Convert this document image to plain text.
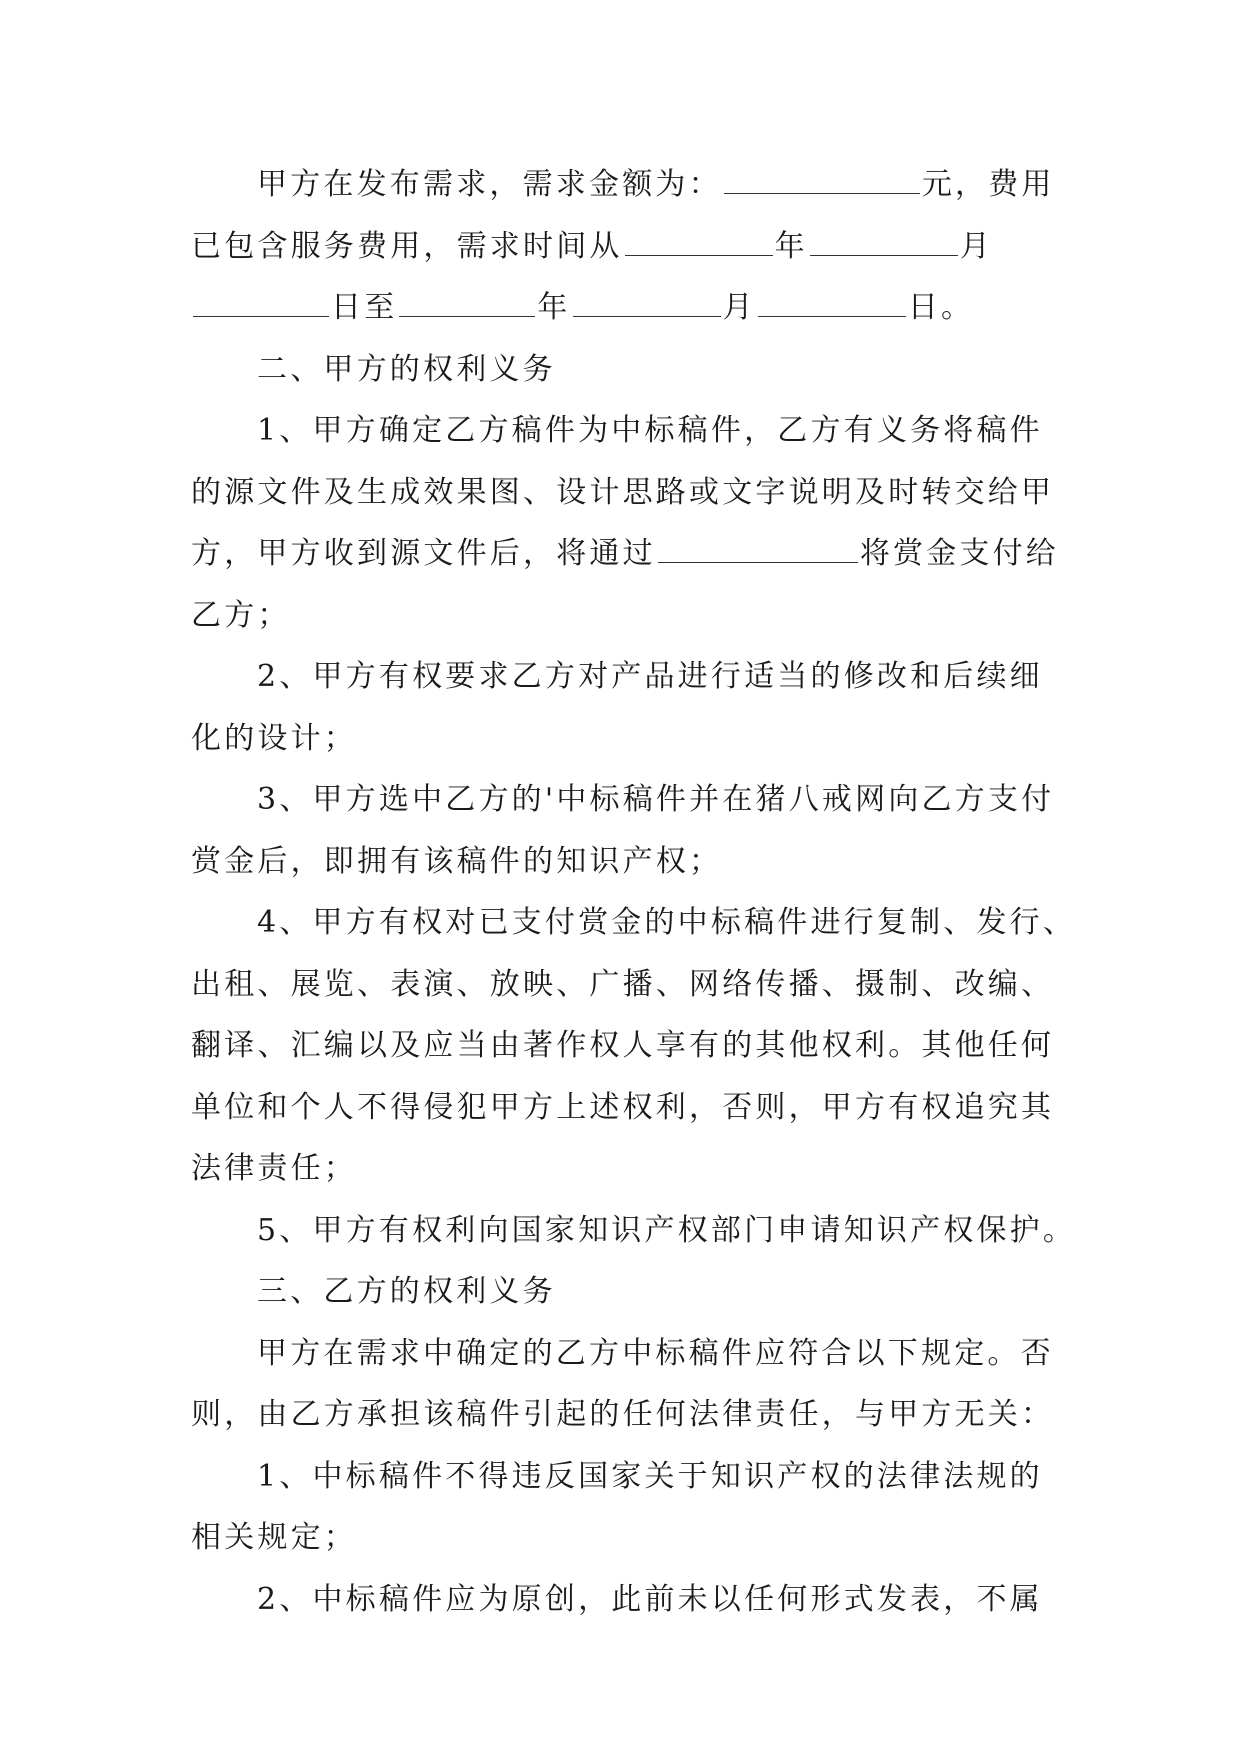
甲方在发布需求，需求金额为：	元，费用
已包含服务费用，需求时间从	年	月
日至	年	月	日。
二、甲方的权利义务
1、甲方确定乙方稿件为中标稿件，乙方有义务将稿件
的源文件及生成效果图、设计思路或文字说明及时转交给甲
方，甲方收到源文件后，将通过	将赏金支付给
乙方；
2、甲方有权要求乙方对产品进行适当的修改和后续细
化的设计；
3、甲方选中乙方的'中标稿件并在猪八戒网向乙方支付
赏金后，即拥有该稿件的知识产权；
4、甲方有权对已支付赏金的中标稿件进行复制、发行、
出租、展览、表演、放映、广播、网络传播、摄制、改编、
翻译、汇编以及应当由著作权人享有的其他权利。其他任何
单位和个人不得侵犯甲方上述权利，否则，甲方有权追究其
法律责任；
5、甲方有权利向国家知识产权部门申请知识产权保护。
三、乙方的权利义务
甲方在需求中确定的乙方中标稿件应符合以下规定。否
则，由乙方承担该稿件引起的任何法律责任，与甲方无关：
1、中标稿件不得违反国家关于知识产权的法律法规的
相关规定；
2、中标稿件应为原创，此前未以任何形式发表，不属
